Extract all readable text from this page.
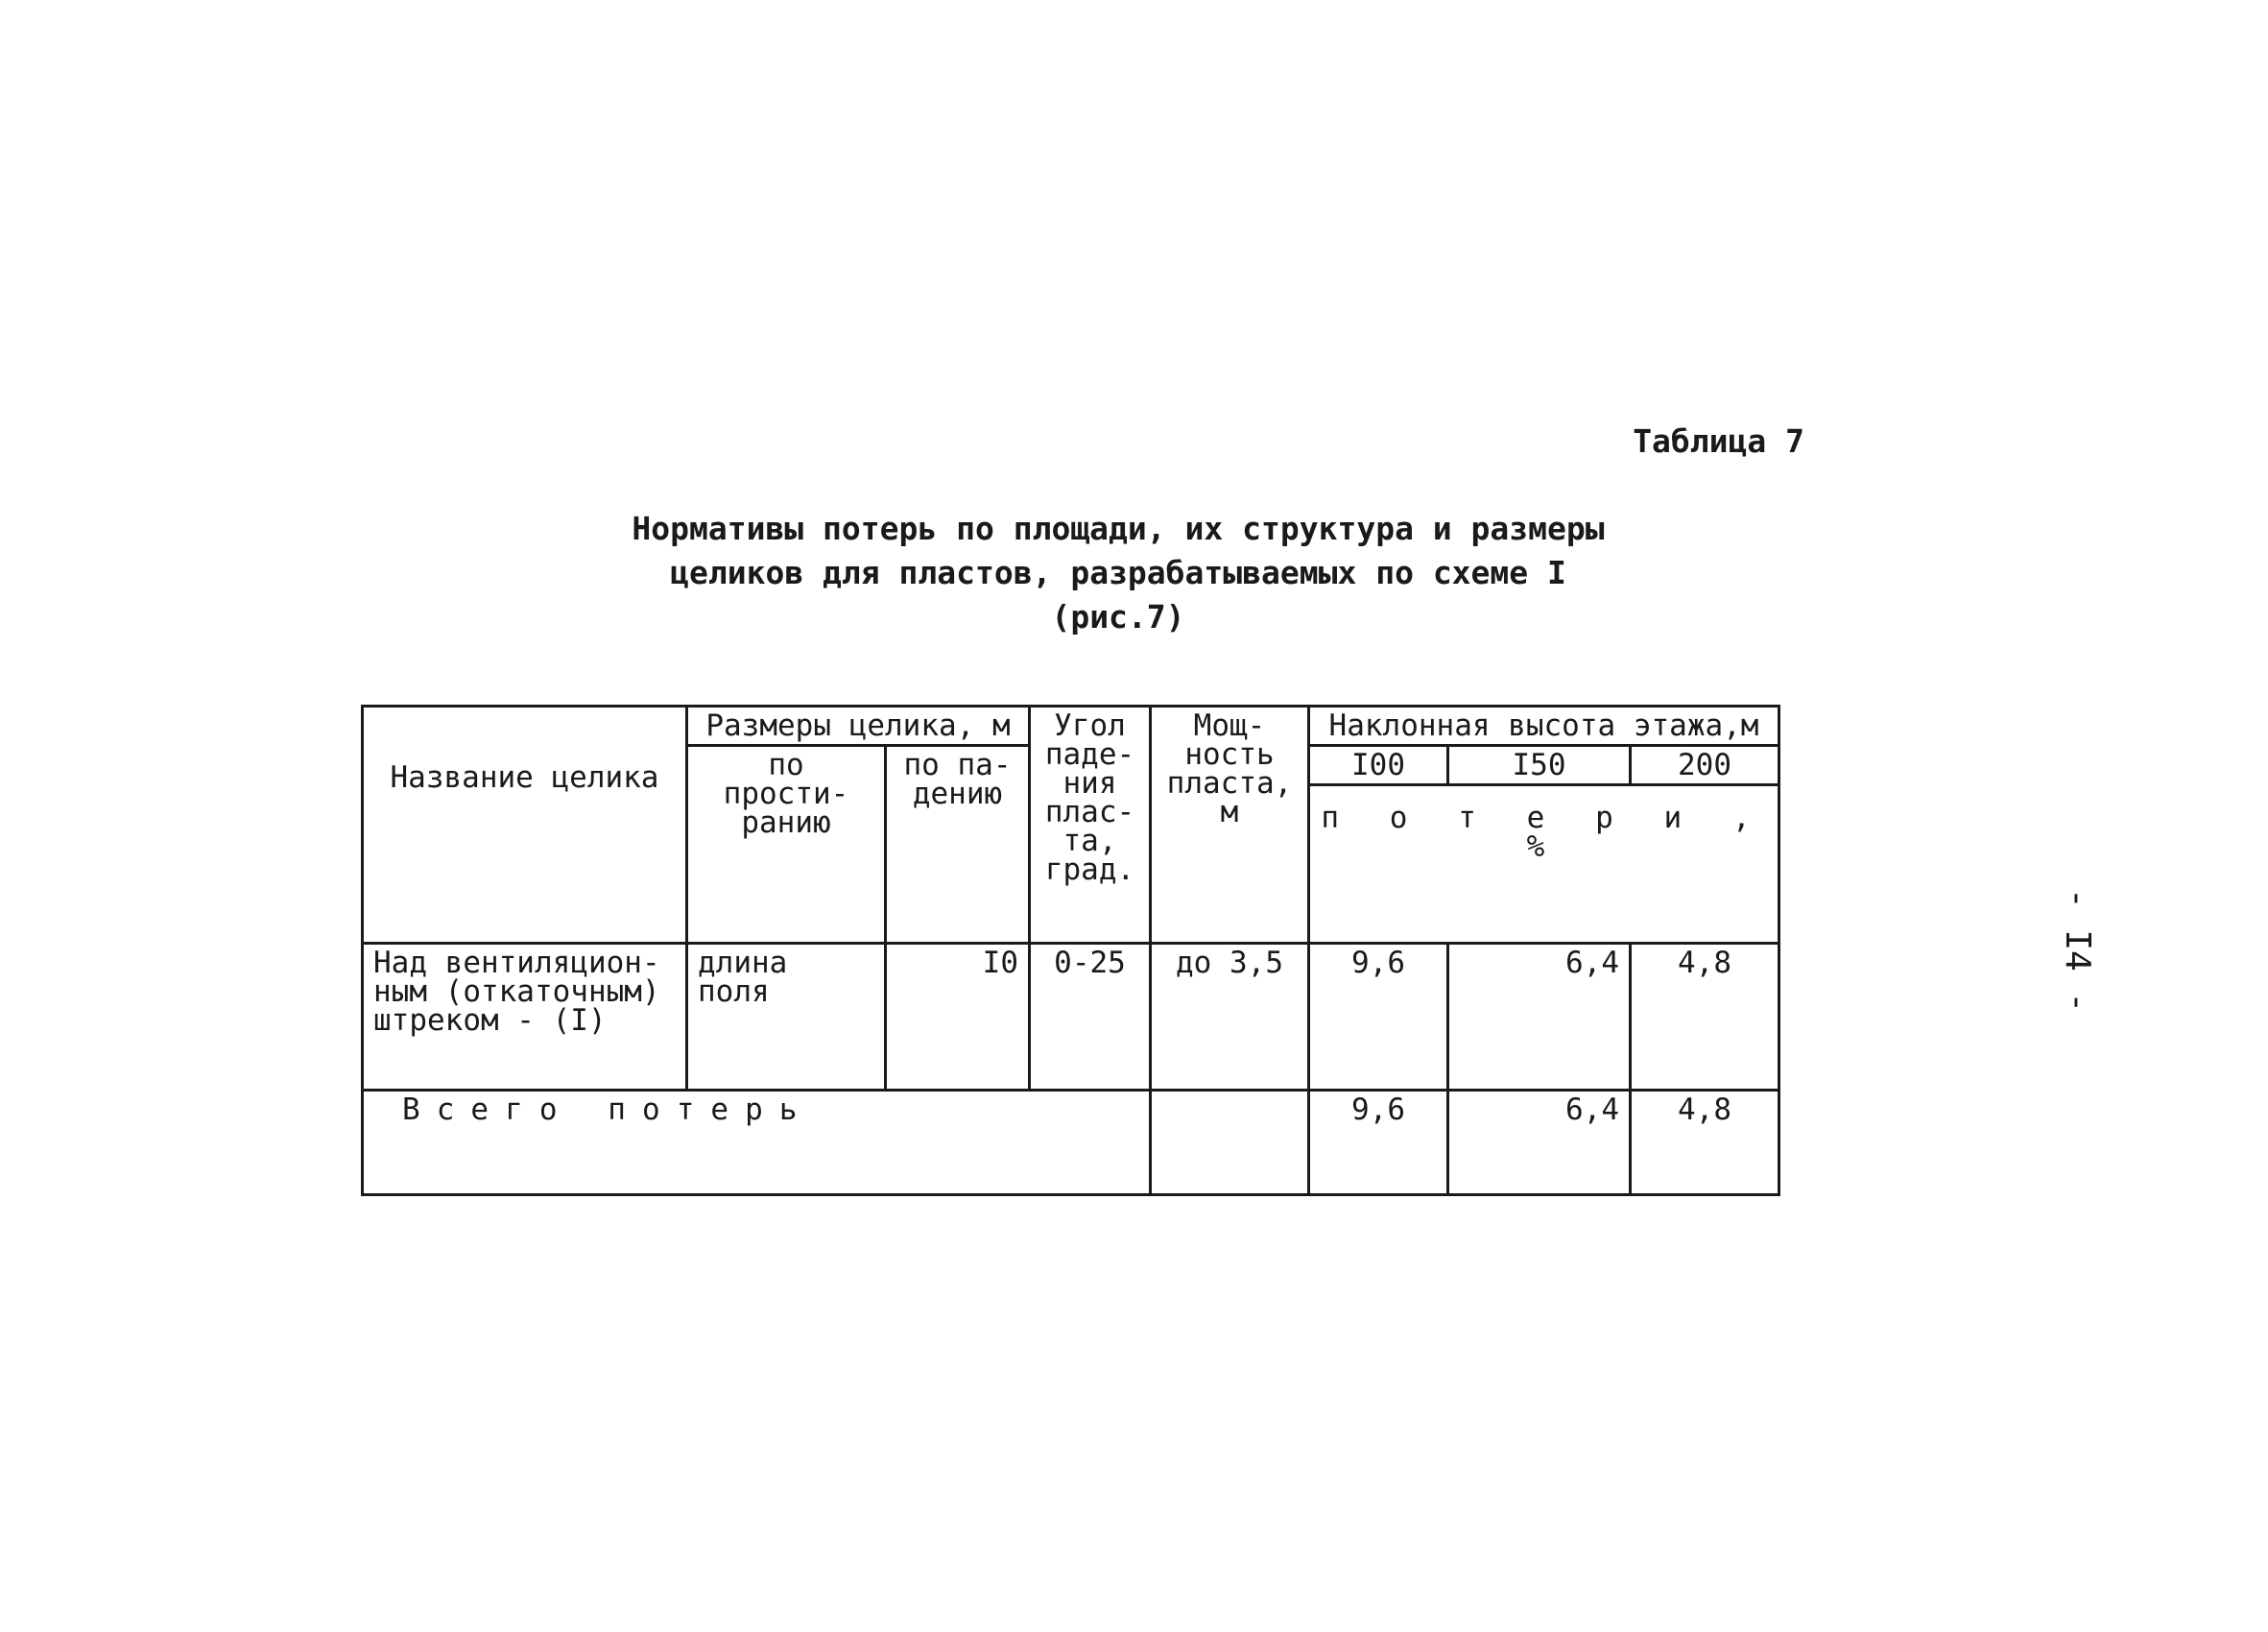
Таблица 7
Нормативы потерь по площади, их структура и размеры
целиков для пластов, разрабатываемых по схеме I
(рис.7)
- I4 -
Название целика	Размеры целика, м		Угол паде-ния плас-та, град.	Мощ-ность пласта, м	Наклонная высота этажа,м		
	по прости-ранию	по па-дению			I00	I50	200
					п о т е р и , %		
Над вентиляцион-ным (откаточным) штреком - (I)	длина поля	I0	0-25	до 3,5	9,6	6,4	4,8
Всего потерь					9,6	6,4	4,8
